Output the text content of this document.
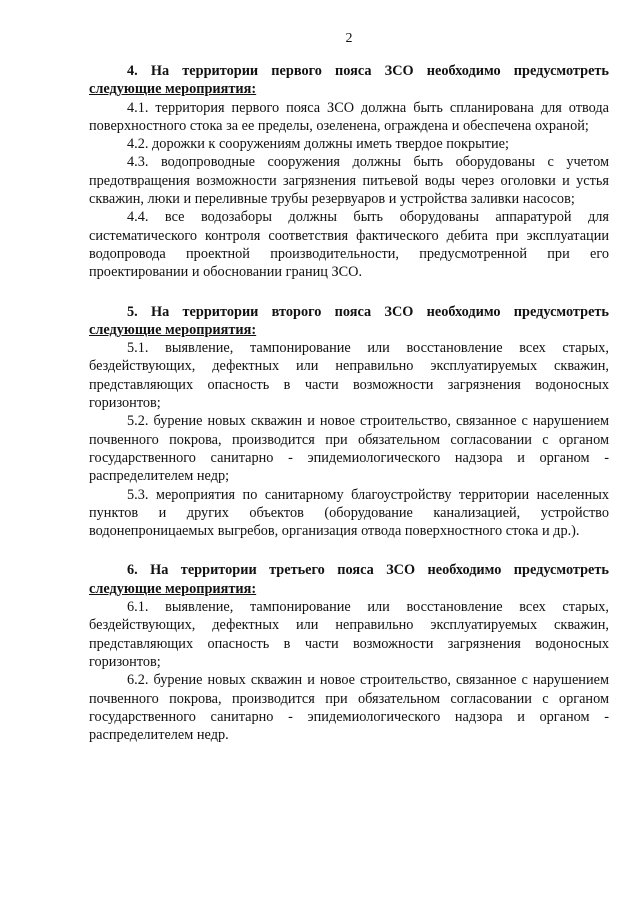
2

4. На территории первого пояса ЗСО необходимо предусмотреть следующие мероприятия:

4.1. территория первого пояса ЗСО должна быть спланирована для отвода поверхностного стока за ее пределы, озеленена, ограждена и обеспечена охраной;

4.2. дорожки к сооружениям должны иметь твердое покрытие;

4.3. водопроводные сооружения должны быть оборудованы с учетом предотвращения возможности загрязнения питьевой воды через оголовки и устья скважин, люки и переливные трубы резервуаров и устройства заливки насосов;

4.4. все водозаборы должны быть оборудованы аппаратурой для систематического контроля соответствия фактического дебита при эксплуатации водопровода проектной производительности, предусмотренной при его проектировании и обосновании границ ЗСО.

5. На территории второго пояса ЗСО необходимо предусмотреть следующие мероприятия:

5.1. выявление, тампонирование или восстановление всех старых, бездействующих, дефектных или неправильно эксплуатируемых скважин, представляющих опасность в части возможности загрязнения водоносных горизонтов;

5.2. бурение новых скважин и новое строительство, связанное с нарушением почвенного покрова, производится при обязательном согласовании с органом государственного санитарно - эпидемиологического надзора и органом - распределителем недр;

5.3. мероприятия по санитарному благоустройству территории населенных пунктов и других объектов (оборудование канализацией, устройство водонепроницаемых выгребов, организация отвода поверхностного стока и др.).

6. На территории третьего пояса ЗСО необходимо предусмотреть следующие мероприятия:

6.1. выявление, тампонирование или восстановление всех старых, бездействующих, дефектных или неправильно эксплуатируемых скважин, представляющих опасность в части возможности загрязнения водоносных горизонтов;

6.2. бурение новых скважин и новое строительство, связанное с нарушением почвенного покрова, производится при обязательном согласовании с органом государственного санитарно - эпидемиологического надзора и органом - распределителем недр.
